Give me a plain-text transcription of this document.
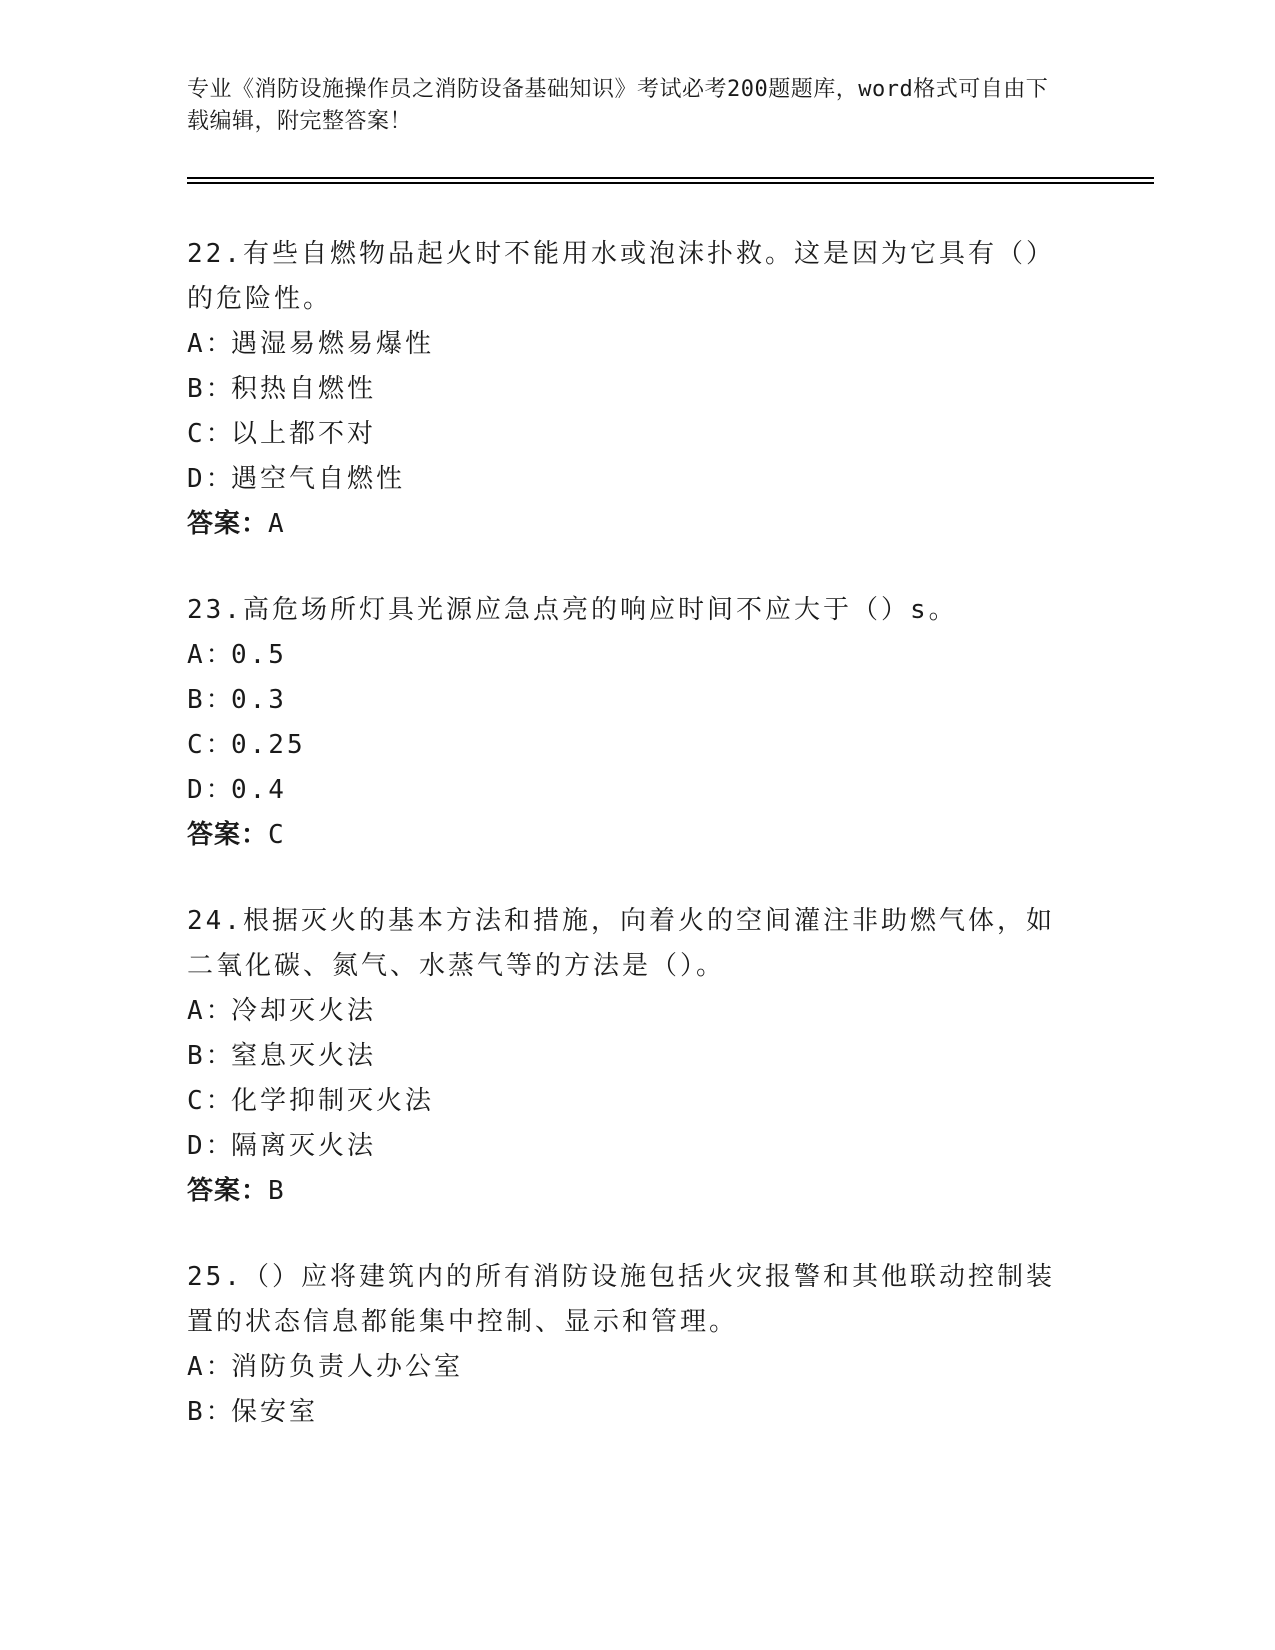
专业《消防设施操作员之消防设备基础知识》考试必考200题题库，word格式可自由下载编辑，附完整答案！
22.有些自燃物品起火时不能用水或泡沫扑救。这是因为它具有（）的危险性。
A：遇湿易燃易爆性
B：积热自燃性
C：以上都不对
D：遇空气自燃性
答案：A
23.高危场所灯具光源应急点亮的响应时间不应大于（）s。
A：0.5
B：0.3
C：0.25
D：0.4
答案：C
24.根据灭火的基本方法和措施，向着火的空间灌注非助燃气体，如二氧化碳、氮气、水蒸气等的方法是（）。
A：冷却灭火法
B：窒息灭火法
C：化学抑制灭火法
D：隔离灭火法
答案：B
25.（）应将建筑内的所有消防设施包括火灾报警和其他联动控制装置的状态信息都能集中控制、显示和管理。
A：消防负责人办公室
B：保安室
